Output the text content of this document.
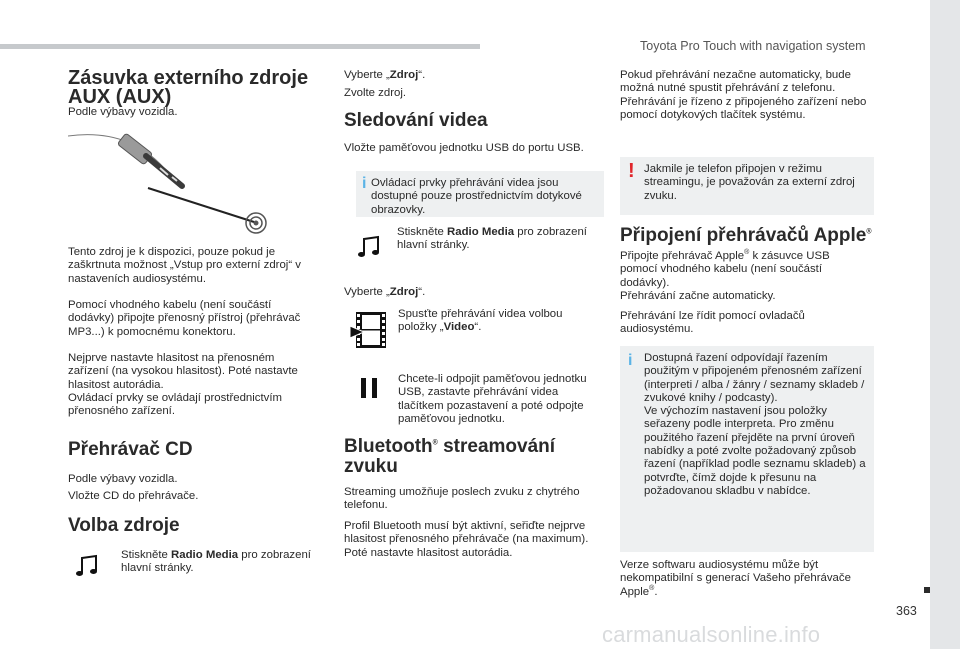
Toyota Pro Touch with navigation system
363
carmanualsonline.info
Zásuvka externího zdroje
AUX (AUX)

Podle výbavy vozidla.

Tento zdroj je k dispozici, pouze pokud je zaškrtnuta možnost „Vstup pro externí zdroj“ v nastaveních audiosystému.

Pomocí vhodného kabelu (není součástí dodávky) připojte přenosný přístroj (přehrávač MP3...) k pomocnému konektoru.

Nejprve nastavte hlasitost na přenosném zařízení (na vysokou hlasitost). Poté nastavte hlasitost autorádia.

Ovládací prvky se ovládají prostřednictvím přenosného zařízení.

Přehrávač CD

Podle výbavy vozidla.

Vložte CD do přehrávače.

Volba zdroje

Stiskněte Radio Media pro zobrazení hlavní stránky.

Vyberte „Zdroj“.

Zvolte zdroj.

Sledování videa

Vložte paměťovou jednotku USB do portu USB.

i Ovládací prvky přehrávání videa jsou dostupné pouze prostřednictvím dotykové obrazovky.

Stiskněte Radio Media pro zobrazení hlavní stránky.

Vyberte „Zdroj“.

Spusťte přehrávání videa volbou položky „Video“.

Chcete-li odpojit paměťovou jednotku USB, zastavte přehrávání videa tlačítkem pozastavení a poté odpojte paměťovou jednotku.

Bluetooth® streamování
zvuku

Streaming umožňuje poslech zvuku z chytrého telefonu.

Profil Bluetooth musí být aktivní, seřiďte nejprve hlasitost přenosného přehrávače (na maximum).

Poté nastavte hlasitost autorádia.

Pokud přehrávání nezačne automaticky, bude možná nutné spustit přehrávání z telefonu.

Přehrávání je řízeno z připojeného zařízení nebo pomocí dotykových tlačítek systému.

! Jakmile je telefon připojen v režimu streamingu, je považován za externí zdroj zvuku.

Připojení přehrávačů Apple®

Připojte přehrávač Apple® k zásuvce USB pomocí vhodného kabelu (není součástí dodávky).

Přehrávání začne automaticky.

Přehrávání lze řídit pomocí ovladačů audiosystému.

i Dostupná řazení odpovídají řazením použitým v připojeném přenosném zařízení (interpreti / alba / žánry / seznamy skladeb / zvukové knihy / podcasty).

Ve výchozím nastavení jsou položky seřazeny podle interpreta. Pro změnu použitého řazení přejděte na první úroveň nabídky a poté zvolte požadovaný způsob řazení (například podle seznamu skladeb) a potvrďte, čímž dojde k přesunu na požadovanou skladbu v nabídce.

Verze softwaru audiosystému může být nekompatibilní s generací Vašeho přehrávače Apple®.
